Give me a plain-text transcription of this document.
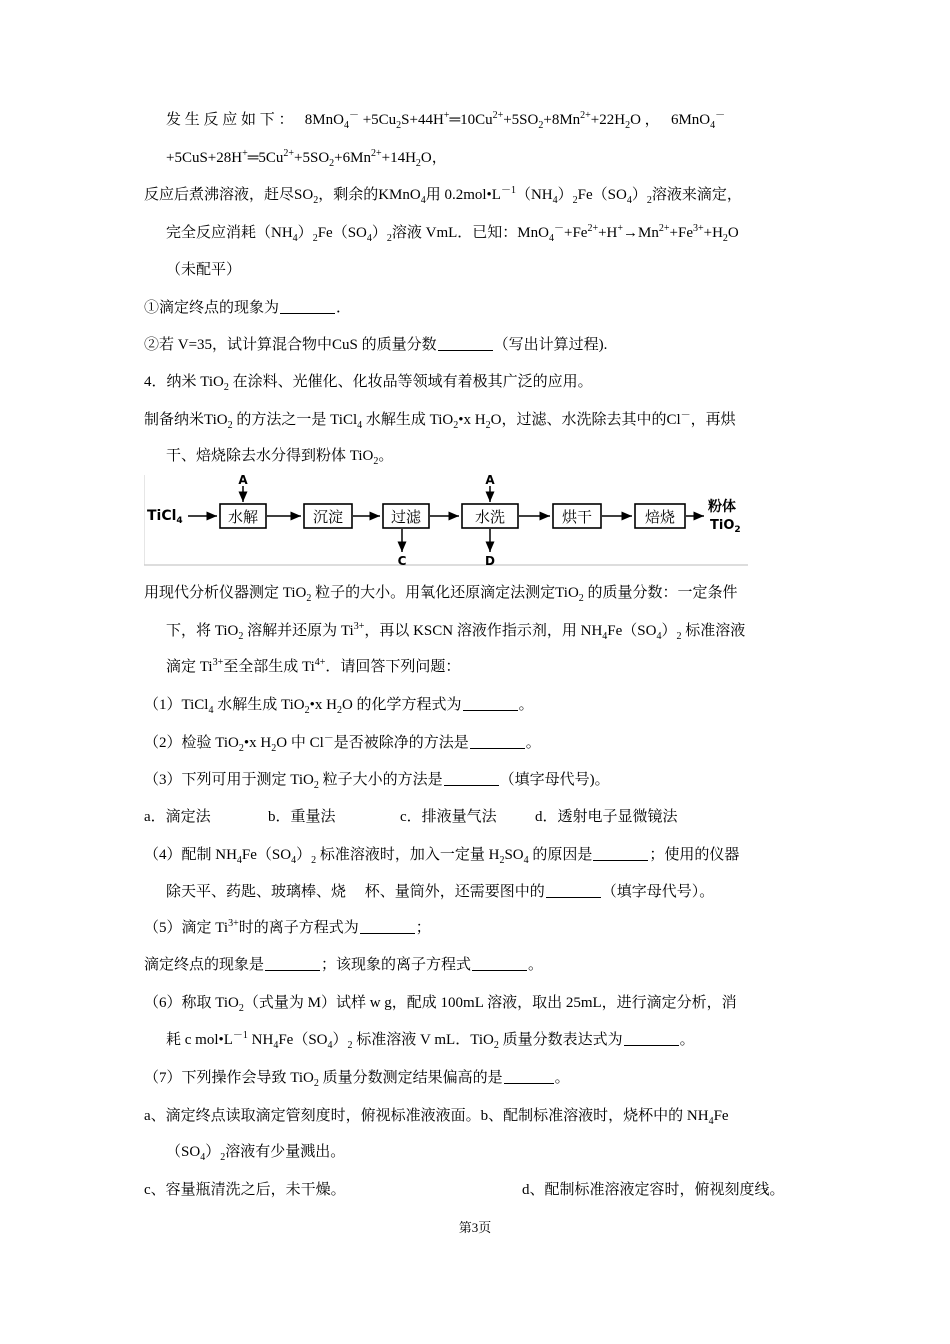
发 生 反 应 如 下 ： $8MnO_4^- +5Cu_2S+44H^+═10Cu^{2+}+5SO_2+8Mn^{2+}+22H_2O$ ， 6MnO$_4$－
$+5CuS+28H^+═5Cu^{2+}+5SO_2+6Mn^{2+}+14H_2O$，
反应后煮沸溶液，赶尽$SO_2$，剩余的KMnO$_4$用 $0.2mol•L^{-1}(NH_4)_2Fe(SO_4)_2$溶液来滴定，
完全反应消耗$(NH_4)_2Fe(SO_4)_2$溶液 VmL．已知：$MnO_4^-+Fe^{2+}+H^+\to Mn^{2+}+Fe^{3+}+H_2O$
（未配平）
①滴定终点的现象为	．
②若 V=35，试计算混合物中CuS 的质量分数	（写出计算过程).
4．纳米 TiO$_2$ 在涂料、光催化、化妆品等领域有着极其广泛的应用。
制备纳米TiO$_2$ 的方法之一是 TiCl$_4$ 水解生成 TiO$_2$•x $H_2O$，过滤、水洗除去其中的Cl－，再烘
干、焙烧除去水分得到粉体 TiO$_2$。
TiCl$_4$	水解
A
沉淀	过滤
C
水洗
A
D
烘干	焙烧
粉体
TiO$_2$
用现代分析仪器测定 TiO$_2$ 粒子的大小。用氧化还原滴定法测定TiO$_2$ 的质量分数：一定条件
下，将 TiO$_2$ 溶解并还原为 $Ti^{3+}$，再以 KSCN 溶液作指示剂，用 $NH_4Fe(SO_4)_2$ 标准溶液
滴定 $Ti^{3+}$至全部生成 $Ti^{4+}$．请回答下列问题：
（1）TiCl$_4$ 水解生成 TiO$_2$•x $H_2O$ 的化学方程式为	。
（2）检验 TiO$_2$•x $H_2O$ 中 Cl－是否被除净的方法是	。
（3）下列可用于测定 TiO$_2$ 粒子大小的方法是	（填字母代号)。
a．滴定法	b．重量法	c．排液量气法	d．透射电子显微镜法
（4）配制 $NH_4Fe(SO_4)_2$ 标准溶液时，加入一定量 $H_2SO_4$ 的原因是	；使用的仪器
除天平、药匙、玻璃棒、烧　 杯、量筒外，还需要图中的	（填字母代号）。
（5）滴定 $Ti^{3+}$时的离子方程式为	；
滴定终点的现象是	；该现象的离子方程式	。
（6）称取 TiO$_2$（式量为 M）试样 w g，配成 100mL 溶液，取出 25mL，进行滴定分析，消
耗 c $mol•L^{-1}$ $NH_4Fe(SO_4)_2$ 标准溶液 V mL．TiO$_2$ 质量分数表达式为	。
（7）下列操作会导致 TiO$_2$ 质量分数测定结果偏高的是	。
a、滴定终点读取滴定管刻度时，俯视标准液液面。b、配制标准溶液时，烧杯中的 $NH_4Fe$
$(SO_4)_2$溶液有少量溅出。
c、容量瓶清洗之后，未干燥。	d、配制标准溶液定容时，俯视刻度线。
第3页
